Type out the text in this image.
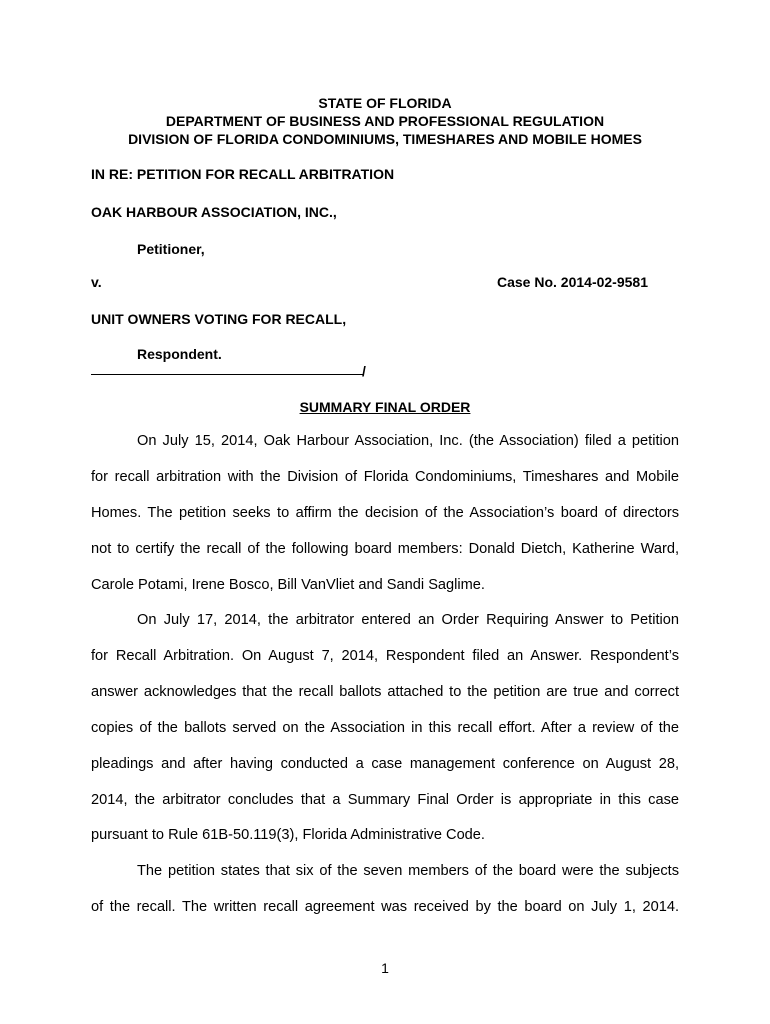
STATE OF FLORIDA
DEPARTMENT OF BUSINESS AND PROFESSIONAL REGULATION
DIVISION OF FLORIDA CONDOMINIUMS, TIMESHARES AND MOBILE HOMES
IN RE: PETITION FOR RECALL ARBITRATION
OAK HARBOUR ASSOCIATION, INC.,
Petitioner,
v.	Case No. 2014-02-9581
UNIT OWNERS VOTING FOR RECALL,
Respondent.
/
SUMMARY FINAL ORDER
On July 15, 2014, Oak Harbour Association, Inc. (the Association) filed a petition
for recall arbitration with the Division of Florida Condominiums, Timeshares and Mobile
Homes. The petition seeks to affirm the decision of the Association’s board of directors
not to certify the recall of the following board members: Donald Dietch, Katherine Ward,
Carole Potami, Irene Bosco, Bill VanVliet and Sandi Saglime.
On July 17, 2014, the arbitrator entered an Order Requiring Answer to Petition
for Recall Arbitration. On August 7, 2014, Respondent filed an Answer. Respondent’s
answer acknowledges that the recall ballots attached to the petition are true and correct
copies of the ballots served on the Association in this recall effort. After a review of the
pleadings and after having conducted a case management conference on August 28,
2014, the arbitrator concludes that a Summary Final Order is appropriate in this case
pursuant to Rule 61B-50.119(3), Florida Administrative Code.
The petition states that six of the seven members of the board were the subjects
of the recall. The written recall agreement was received by the board on July 1, 2014.
1
